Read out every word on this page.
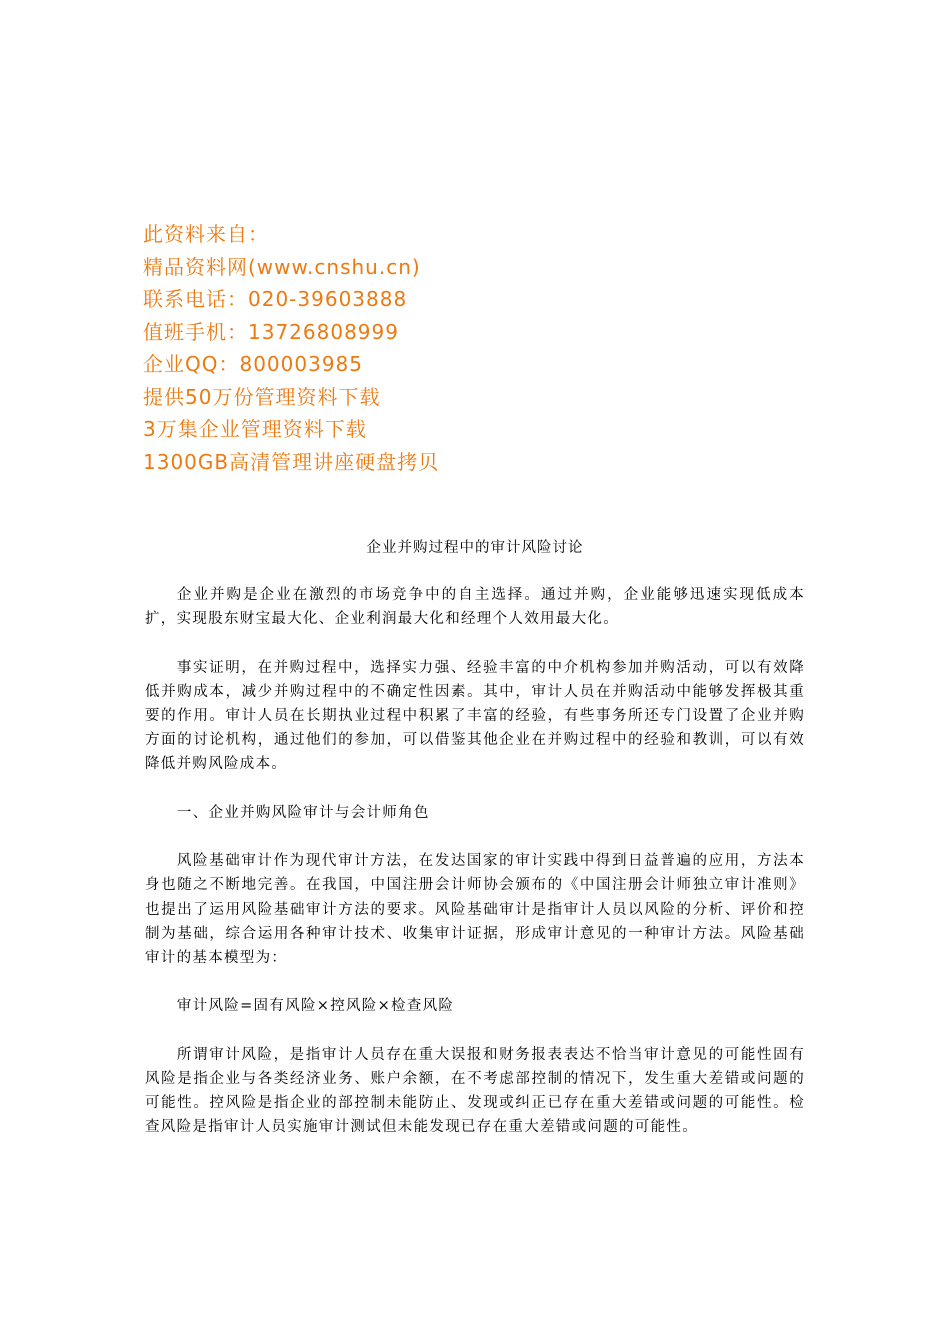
此资料来自：
精品资料网(www.cnshu.cn)
联系电话：020-39603888
值班手机：13726808999
企业QQ：800003985
提供50万份管理资料下载
3万集企业管理资料下载
1300GB高清管理讲座硬盘拷贝
企业并购过程中的审计风险讨论

企业并购是企业在激烈的市场竞争中的自主选择。通过并购，企业能够迅速实现低成本扩，实现股东财宝最大化、企业利润最大化和经理个人效用最大化。

事实证明，在并购过程中，选择实力强、经验丰富的中介机构参加并购活动，可以有效降低并购成本，减少并购过程中的不确定性因素。其中，审计人员在并购活动中能够发挥极其重要的作用。审计人员在长期执业过程中积累了丰富的经验，有些事务所还专门设置了企业并购方面的讨论机构，通过他们的参加，可以借鉴其他企业在并购过程中的经验和教训，可以有效降低并购风险成本。

一、企业并购风险审计与会计师角色

风险基础审计作为现代审计方法，在发达国家的审计实践中得到日益普遍的应用，方法本身也随之不断地完善。在我国，中国注册会计师协会颁布的《中国注册会计师独立审计准则》也提出了运用风险基础审计方法的要求。风险基础审计是指审计人员以风险的分析、评价和控制为基础，综合运用各种审计技术、收集审计证据，形成审计意见的一种审计方法。风险基础审计的基本模型为：

审计风险=固有风险×控风险×检查风险

所谓审计风险，是指审计人员存在重大误报和财务报表表达不恰当审计意见的可能性固有风险是指企业与各类经济业务、账户余额，在不考虑部控制的情况下，发生重大差错或问题的可能性。控风险是指企业的部控制未能防止、发现或纠正已存在重大差错或问题的可能性。检查风险是指审计人员实施审计测试但未能发现已存在重大差错或问题的可能性。
